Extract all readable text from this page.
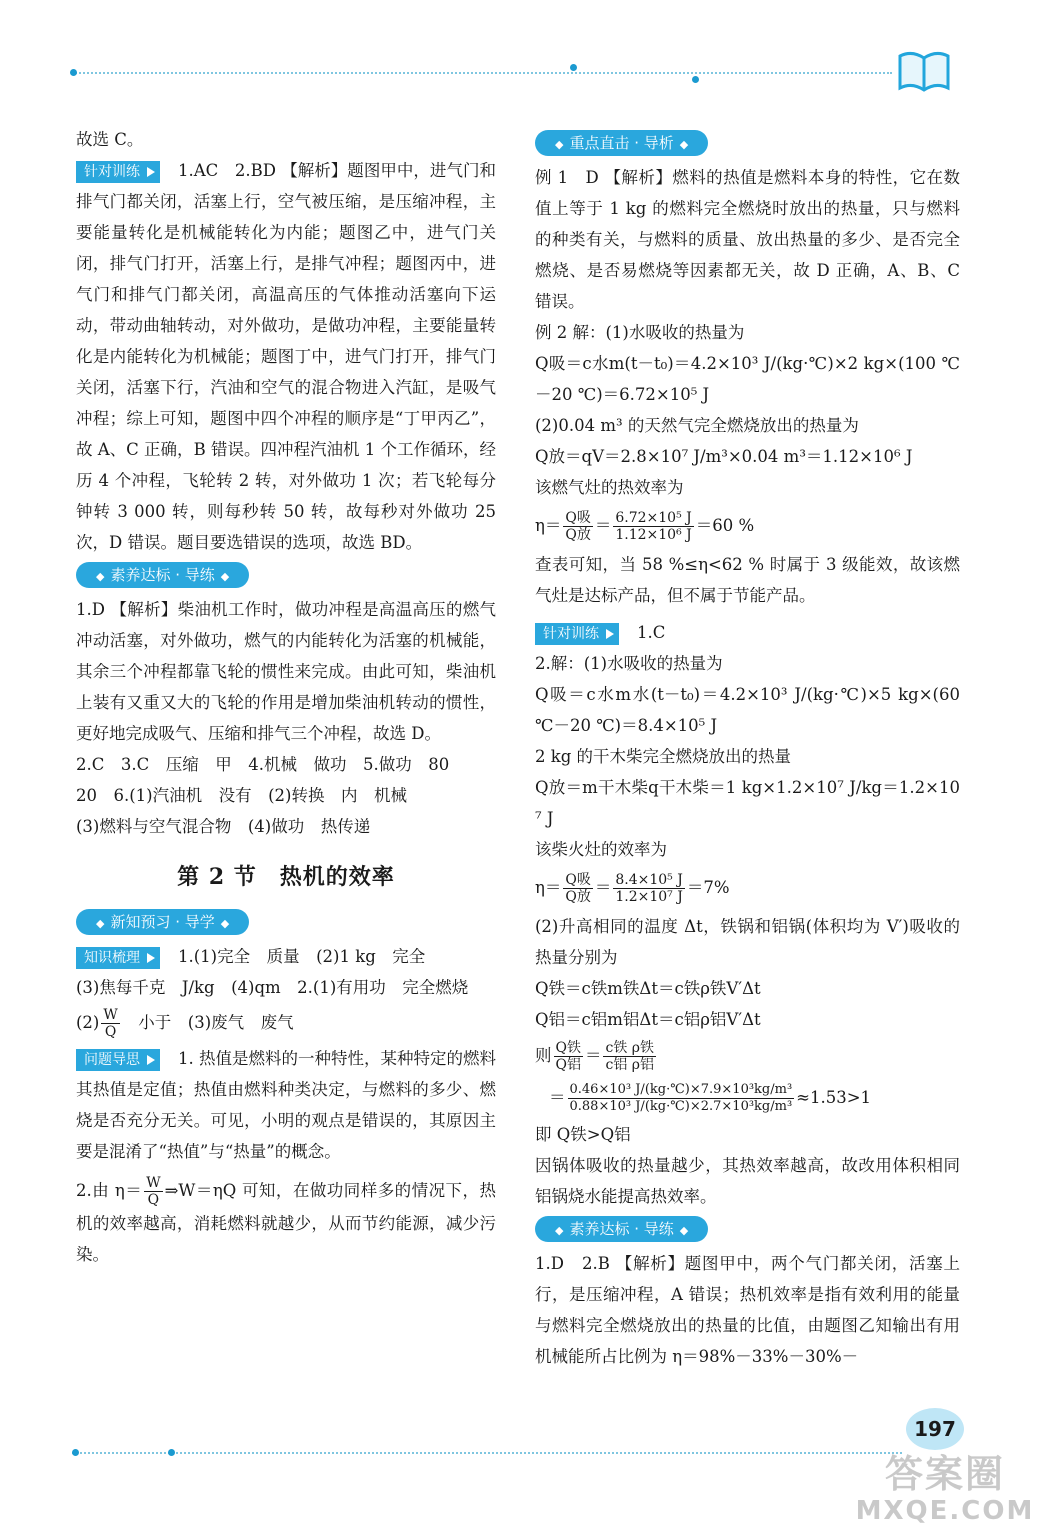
故选 C。

针对训练 1.AC　2.BD 【解析】题图甲中，进气门和排气门都关闭，活塞上行，空气被压缩，是压缩冲程，主要能量转化是机械能转化为内能；题图乙中，进气门关闭，排气门打开，活塞上行，是排气冲程；题图丙中，进气门和排气门都关闭，高温高压的气体推动活塞向下运动，带动曲轴转动，对外做功，是做功冲程，主要能量转化是内能转化为机械能；题图丁中，进气门打开，排气门关闭，活塞下行，汽油和空气的混合物进入汽缸，是吸气冲程；综上可知，题图中四个冲程的顺序是“丁甲丙乙”，故 A、C 正确，B 错误。四冲程汽油机 1 个工作循环，经历 4 个冲程，飞轮转 2 转，对外做功 1 次；若飞轮每分钟转 3 000 转，则每秒转 50 转，故每秒对外做功 25 次，D 错误。题目要选错误的选项，故选 BD。

◆ 素养达标 · 导练 ◆

1.D 【解析】柴油机工作时，做功冲程是高温高压的燃气冲动活塞，对外做功，燃气的内能转化为活塞的机械能，其余三个冲程都靠飞轮的惯性来完成。由此可知，柴油机上装有又重又大的飞轮的作用是增加柴油机转动的惯性，更好地完成吸气、压缩和排气三个冲程，故选 D。

2.C　3.C　压缩　甲　4.机械　做功　5.做功　80

20　6.(1)汽油机　没有　(2)转换　内　机械

(3)燃料与空气混合物　(4)做功　热传递

第 2 节　热机的效率
◆ 新知预习 · 导学 ◆

知识梳理 1.(1)完全　质量　(2)1 kg　完全

(3)焦每千克　J/kg　(4)qm　2.(1)有用功　完全燃烧

$(2) \frac{W}{Q}$ 　小于　(3)废气　废气

问题导思 1. 热值是燃料的一种特性，某种特定的燃料其热值是定值；热值由燃料种类决定，与燃料的多少、燃烧是否充分无关。可见，小明的观点是错误的，其原因主要是混淆了“热值”与“热量”的概念。

2.由 $\eta= \frac{W}{Q}$ ⇒W＝ηQ 可知，在做功同样多的情况下，热机的效率越高，消耗燃料就越少，从而节约能源，减少污染。

◆ 重点直击 · 导析 ◆

例 1　D 【解析】燃料的热值是燃料本身的特性，它在数值上等于 1 kg 的燃料完全燃烧时放出的热量，只与燃料的种类有关，与燃料的质量、放出热量的多少、是否完全燃烧、是否易燃烧等因素都无关，故 D 正确，A、B、C 错误。

例 2 解：(1)水吸收的热量为

Q吸＝c水m(t－t₀)＝4.2×10³ J/(kg·℃)×2 kg×(100 ℃－20 ℃)＝6.72×10⁵ J

(2)0.04 m³ 的天然气完全燃烧放出的热量为

Q放＝qV＝2.8×10⁷ J/m³×0.04 m³＝1.12×10⁶ J

该燃气灶的热效率为

$\eta= \frac{\text{Q吸}}{\text{Q放}} = \frac{\text{6.72×10⁵ J}}{\text{1.12×10⁶ J}} =60$ %

查表可知，当 58 %≤η<62 % 时属于 3 级能效，故该燃气灶是达标产品，但不属于节能产品。

针对训练 1.C

2.解：(1)水吸收的热量为

Q吸＝c水m水(t－t₀)＝4.2×10³ J/(kg·℃)×5 kg×(60 ℃－20 ℃)＝8.4×10⁵ J

2 kg 的干木柴完全燃烧放出的热量

Q放＝m干木柴q干木柴＝1 kg×1.2×10⁷ J/kg＝1.2×10⁷ J

该柴火灶的效率为

$\eta= \frac{\text{Q吸}}{\text{Q放}} = \frac{\text{8.4×10⁵ J}}{\text{1.2×10⁷ J}} =7\%$

(2)升高相同的温度 Δt，铁锅和铝锅(体积均为 V′)吸收的热量分别为

Q铁＝c铁m铁Δt＝c铁ρ铁V′Δt

Q铝＝c铝m铝Δt＝c铝ρ铝V′Δt

则 $\frac{\text{Q铁}}{\text{Q铝}} = \frac{\text{c铁 ρ铁}}{\text{c铝 ρ铝}}$

＝ $\frac{\text{0.46×10³ J/(kg·℃)×7.9×10³kg/m³}}{\text{0.88×10³ J/(kg·℃)×2.7×10³kg/m³}} \approx 1.53>1$

即 Q铁>Q铝

因锅体吸收的热量越少，其热效率越高，故改用体积相同铝锅烧水能提高热效率。

◆ 素养达标 · 导练 ◆

1.D　2.B 【解析】题图甲中，两个气门都关闭，活塞上行，是压缩冲程，A 错误；热机效率是指有效利用的能量与燃料完全燃烧放出的热量的比值，由题图乙知输出有用机械能所占比例为 η＝98%－33%－30%－

197
答案圈
MXQE.COM
